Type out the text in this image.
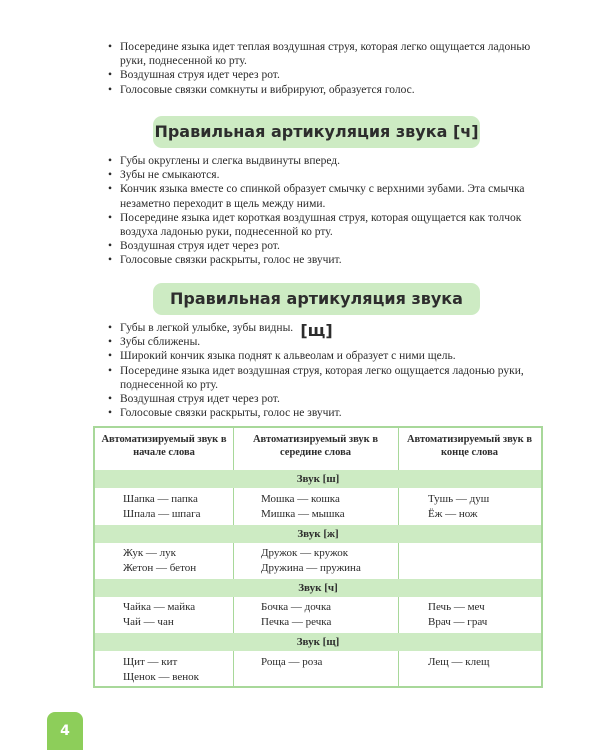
• Посередине языка идет теплая воздушная струя, которая легко ощущается ладонью руки, поднесенной ко рту.
• Воздушная струя идет через рот.
• Голосовые связки сомкнуты и вибрируют, образуется голос.
Правильная артикуляция звука [ч]
• Губы округлены и слегка выдвинуты вперед.
• Зубы не смыкаются.
• Кончик языка вместе со спинкой образует смычку с верхними зубами. Эта смычка незаметно переходит в щель между ними.
• Посередине языка идет короткая воздушная струя, которая ощущается как толчок воздуха ладонью руки, поднесенной ко рту.
• Воздушная струя идет через рот.
• Голосовые связки раскрыты, голос не звучит.
Правильная артикуляция звука [щ]
• Губы в легкой улыбке, зубы видны.
• Зубы сближены.
• Широкий кончик языка поднят к альвеолам и образует с ними щель.
• Посередине языка идет воздушная струя, которая легко ощущается ладонью руки, поднесенной ко рту.
• Воздушная струя идет через рот.
• Голосовые связки раскрыты, голос не звучит.
Автоматизируемый звук в начале слова
Автоматизируемый звук в середине слова
Автоматизируемый звук в конце слова
Звук [ш]
Шапка — папка
Шпала — шпага
Мошка — кошка
Мишка — мышка
Тушь — душ
Ёж — нож
Звук [ж]
Жук — лук
Жетон — бетон
Дружок — кружок
Дружина — пружина
Звук [ч]
Чайка — майка
Чай — чан
Бочка — дочка
Печка — речка
Печь — меч
Врач — грач
Звук [щ]
Щит — кит
Щенок — венок
Роща — роза	Лещ — клещ
4
